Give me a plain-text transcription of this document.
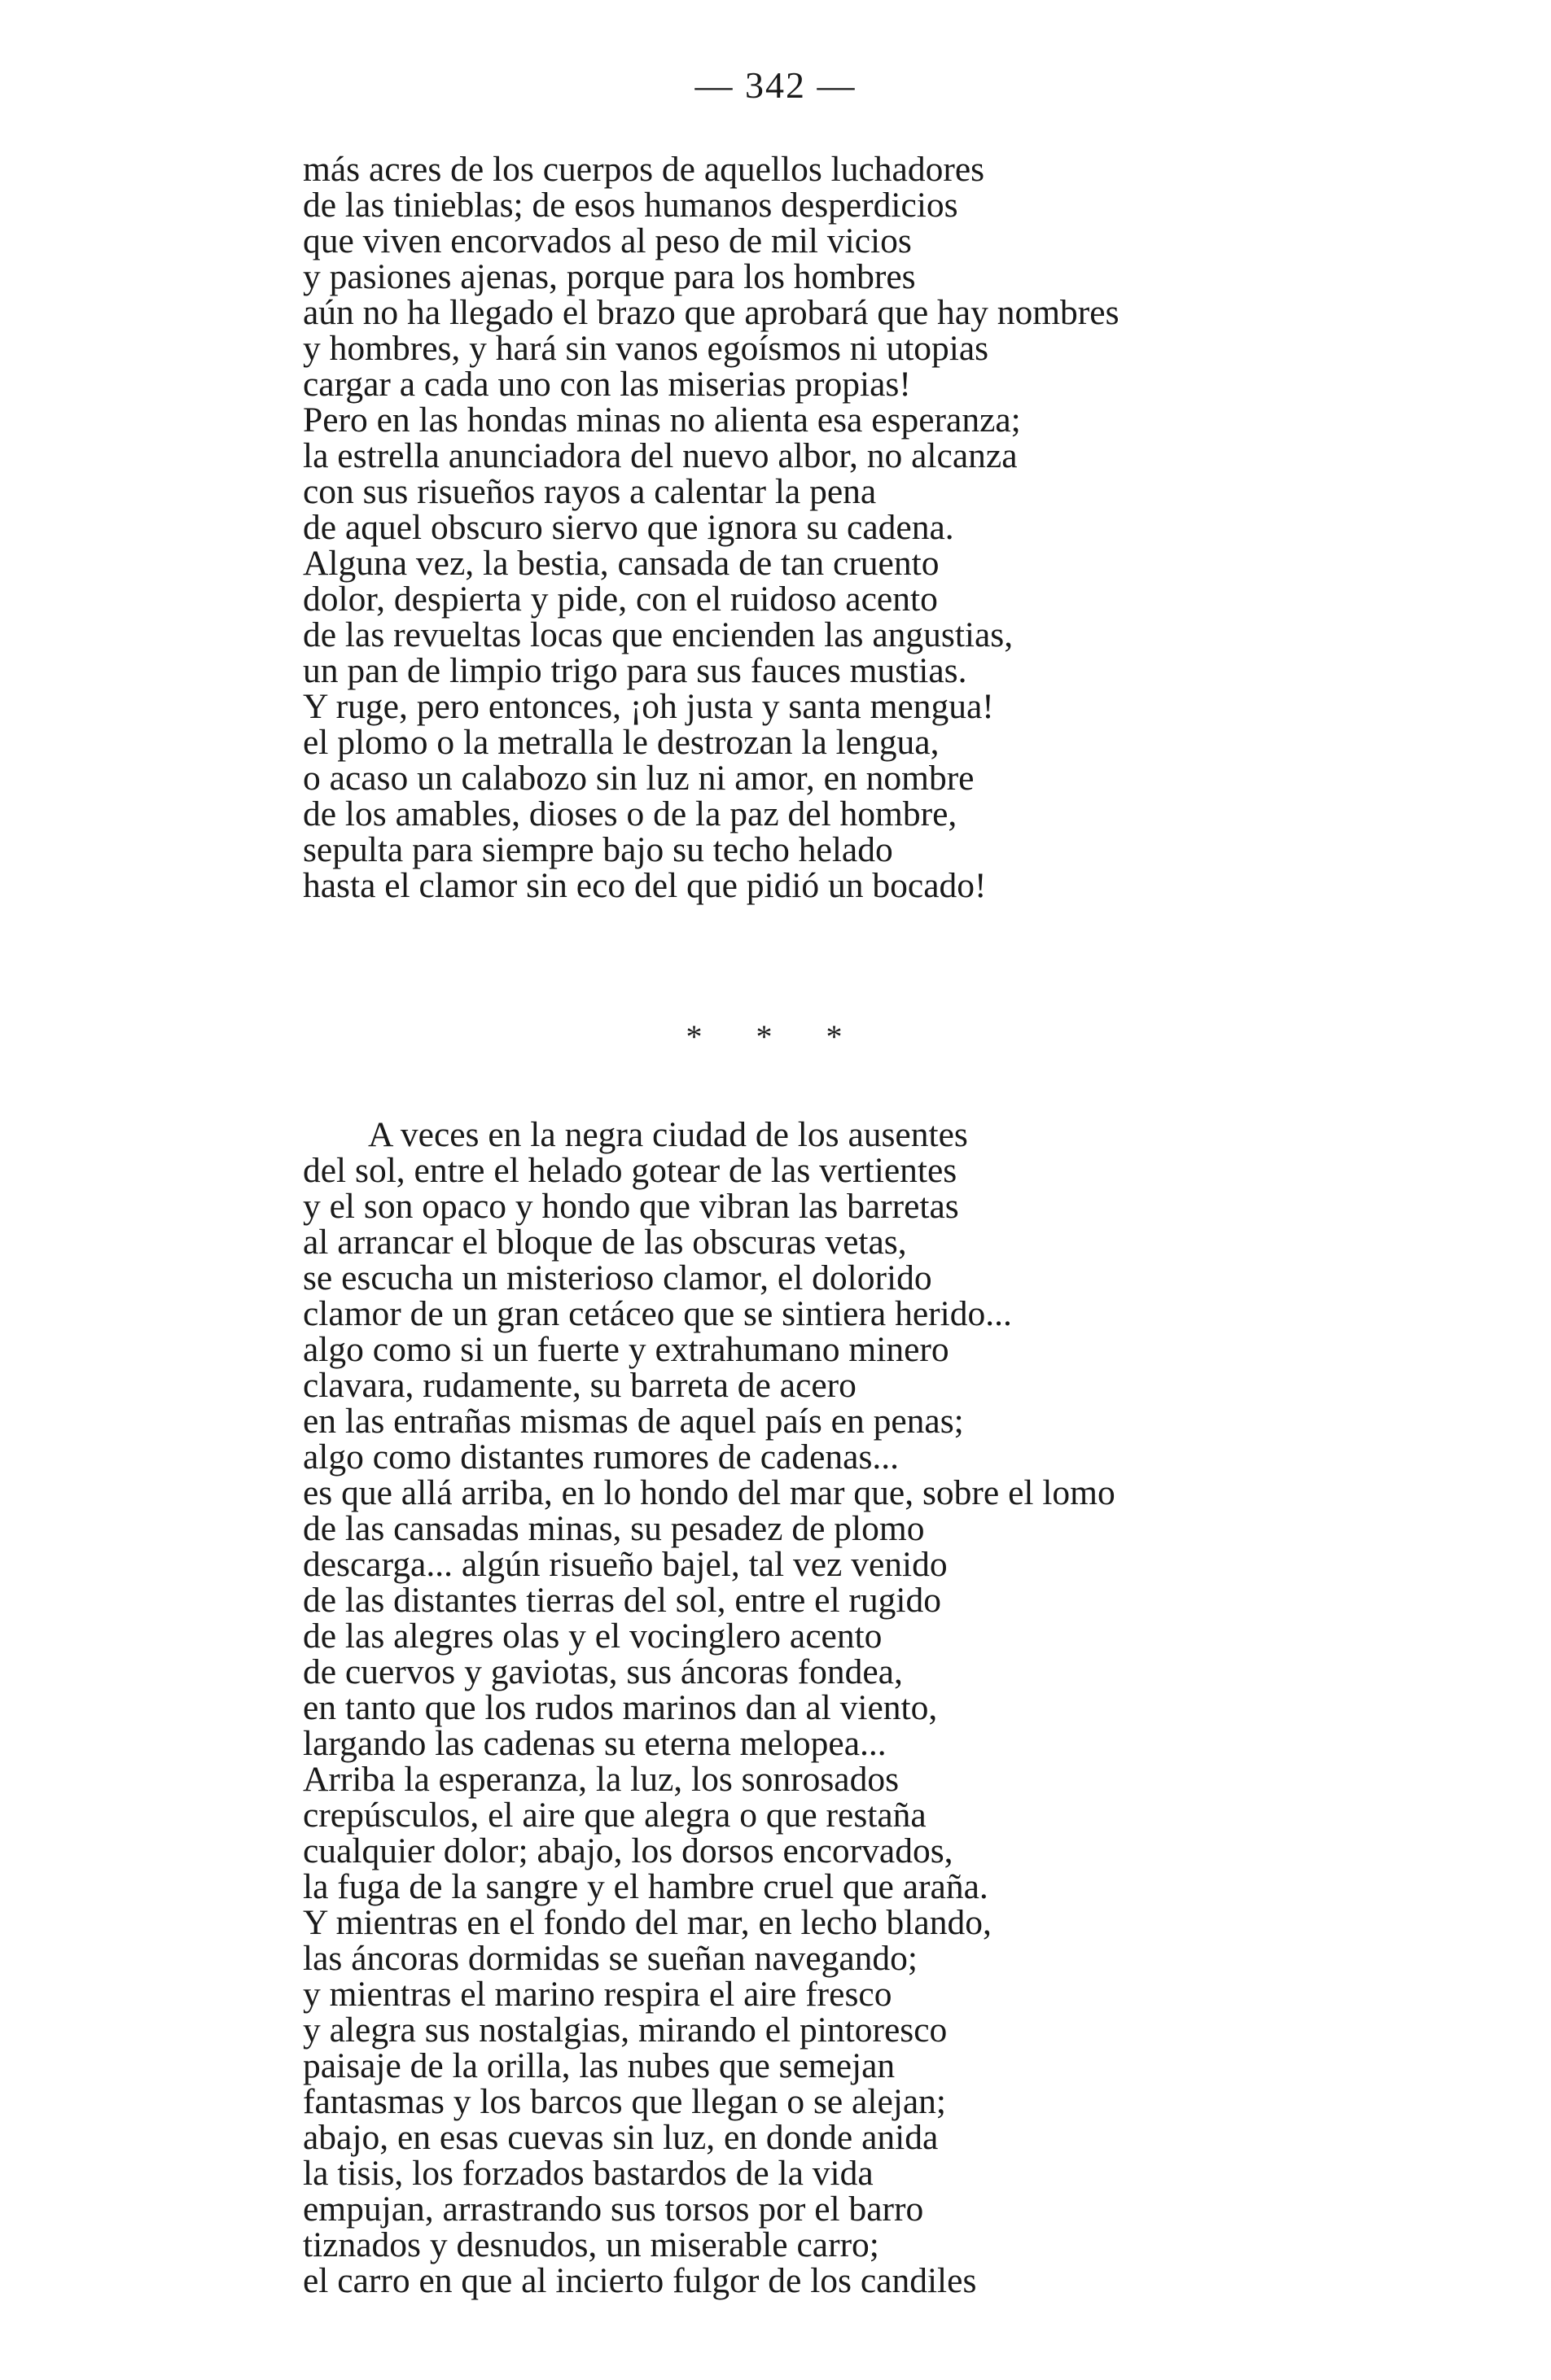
— 342 —
más acres de los cuerpos de aquellos luchadores
de las tinieblas; de esos humanos desperdicios
que viven encorvados al peso de mil vicios
y pasiones ajenas, porque para los hombres
aún no ha llegado el brazo que aprobará que hay nombres
y hombres, y hará sin vanos egoísmos ni utopias
cargar a cada uno con las miserias propias!
Pero en las hondas minas no alienta esa esperanza;
la estrella anunciadora del nuevo albor, no alcanza
con sus risueños rayos a calentar la pena
de aquel obscuro siervo que ignora su cadena.
Alguna vez, la bestia, cansada de tan cruento
dolor, despierta y pide, con el ruidoso acento
de las revueltas locas que encienden las angustias,
un pan de limpio trigo para sus fauces mustias.
Y ruge, pero entonces, ¡oh justa y santa mengua!
el plomo o la metralla le destrozan la lengua,
o acaso un calabozo sin luz ni amor, en nombre
de los amables, dioses o de la paz del hombre,
sepulta para siempre bajo su techo helado
hasta el clamor sin eco del que pidió un bocado!
* * *
A veces en la negra ciudad de los ausentes
del sol, entre el helado gotear de las vertientes
y el son opaco y hondo que vibran las barretas
al arrancar el bloque de las obscuras vetas,
se escucha un misterioso clamor, el dolorido
clamor de un gran cetáceo que se sintiera herido...
algo como si un fuerte y extrahumano minero
clavara, rudamente, su barreta de acero
en las entrañas mismas de aquel país en penas;
algo como distantes rumores de cadenas...
es que allá arriba, en lo hondo del mar que, sobre el lomo
de las cansadas minas, su pesadez de plomo
descarga... algún risueño bajel, tal vez venido
de las distantes tierras del sol, entre el rugido
de las alegres olas y el vocinglero acento
de cuervos y gaviotas, sus áncoras fondea,
en tanto que los rudos marinos dan al viento,
largando las cadenas su eterna melopea...
Arriba la esperanza, la luz, los sonrosados
crepúsculos, el aire que alegra o que restaña
cualquier dolor; abajo, los dorsos encorvados,
la fuga de la sangre y el hambre cruel que araña.
Y mientras en el fondo del mar, en lecho blando,
las áncoras dormidas se sueñan navegando;
y mientras el marino respira el aire fresco
y alegra sus nostalgias, mirando el pintoresco
paisaje de la orilla, las nubes que semejan
fantasmas y los barcos que llegan o se alejan;
abajo, en esas cuevas sin luz, en donde anida
la tisis, los forzados bastardos de la vida
empujan, arrastrando sus torsos por el barro
tiznados y desnudos, un miserable carro;
el carro en que al incierto fulgor de los candiles
